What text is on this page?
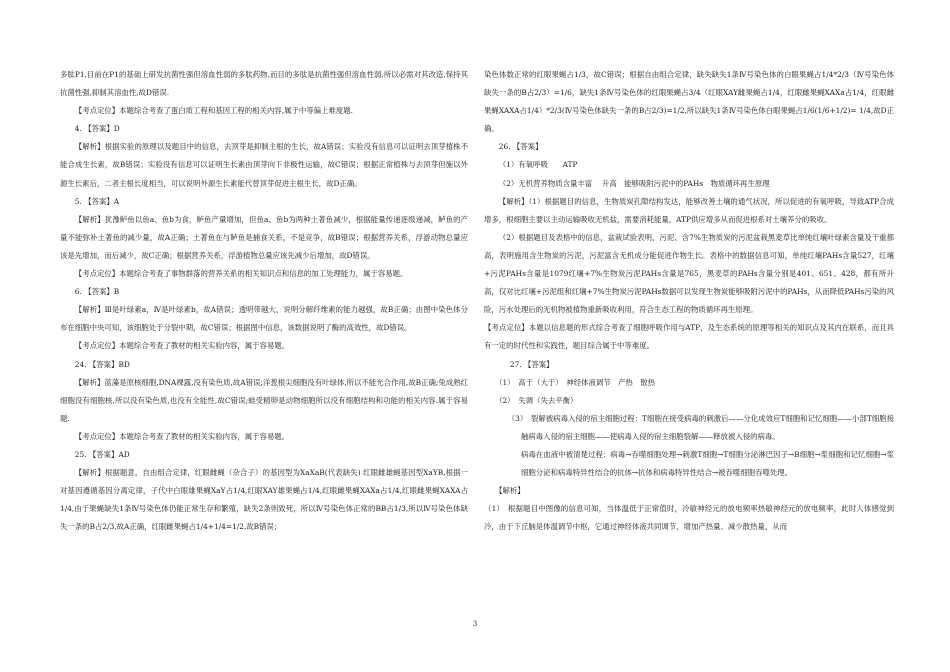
多肽P1,目前在P1的基础上研发抗菌性强但溶血性弱的多肽药物,而目的多肽是抗菌性强但溶血性弱,所以必需对其改造,保持其抗菌性强,抑制其溶血性,故D错误.

【考点定位】本题综合考查了蛋白质工程和基因工程的相关内容,属于中等偏上难度题.

4. 【答案】D

【解析】根据实验的原理以及题目中的信息，去顶芽是抑制主根的生长，故A错误；实验没有信息可以证明去顶芽植株不能合成生长素，故B错误；实验没有信息可以证明生长素由顶芽向下非极性运输，故C错误；根据正常植株与去顶芽但施以外源生长素后，二者主根长度相当，可以说明外源生长素能代替顶芽促进主根生长，故D正确。

5. 【答案】A

【解析】犹豫鲈鱼以鱼a、鱼b为食，鲈鱼产量增加，但鱼a、鱼b为两种土著鱼减少，根据能量传递逐级递减，鲈鱼的产量不能弥补土著鱼的减少量，故A正确；土著鱼在与鲈鱼是捕食关系，不是竞争，故B错误；根据营养关系，浮游动物总量应该是先增加，而后减少，故C正确；根据营养关系，浮游植物总量应该先减少后增加，故D错误。

【考点定位】本题综合考查了事物群落的营养关系的相关知识点和信息的加工处理能力，属于容易题。

6. 【答案】B

【解析】Ⅲ是叶绿素a，Ⅳ是叶绿素b，故A错误；透明带越大，说明分解纤维素的能力越强，故B正确；由图中染色体分布在细胞中央可知，该细胞处于分裂中期，故C错误；根据图中信息，该数据说明了酶的高效性，故D错误。

【考点定位】本题综合考查了教材的相关实验内容，属于容易题。

24. 【答案】BD

【解析】蓝藻是原核细胞,DNA裸露,没有染色质,故A错误;洋葱根尖细胞没有叶绿体,所以不能光合作用,故B正确;兔成熟红细胞没有细胞核,所以没有染色质,也没有全能性,故C错误;蛙受精卵是动物细胞所以没有细胞结构和功能的相关内容.属于容易题.

【考点定位】本题综合考查了教材的相关实验内容，属于容易题。

25. 【答案】AD

【解析】根据题意，自由组合定律，红眼雌蝇（杂合子）的基因型为XaXaB(代表缺失) 红眼雌雄蝇基因型XaYB,根据一对基因遵循基因分离定律，子代中白眼雄果蝇XaY占1/4,红眼XAY雄果蝇占1/4,红眼雌果蝇XAXa占1/4,红眼雌果蝇XAXA占1/4,由于果蝇缺失1条Ⅳ号染色体仍能正常生存和繁殖，缺失2条则致死，所以Ⅳ号染色体正常的BB占1/3,所以Ⅳ号染色体缺失一条的B占2/3,故A正确，红眼雌果蝇占1/4+1/4=1/2,故B错误；

染色体数正常的红眼果蝇占1/3，故C错误；根据自由组合定律，缺失缺失1条Ⅳ号染色体的白眼果蝇占1/4*2/3（Ⅳ号染色体缺失一条的B占2/3）=1/6，缺失1条Ⅳ号染色体的红眼果蝇占3/4（红眼XAY雌果蝇占1/4，红眼雌果蝇XAXa占1/4，红眼雌果蝇XAXA占1/4）*2/3(Ⅳ号染色体缺失一条的B占2/3)=1/2,所以缺失1条Ⅳ号染色体白眼果蝇占1/6(1/6+1/2)= 1/4,故D正确。

26. 【答案】

（1）有氧呼吸　　ATP

（2）无机营养物质含量丰富　 升高　能够吸附污泥中的PAHs　物质循环再生原理

【解析】（1）根据题目的信息，生物质炭孔隙结构发达，能够改善土壤的通气状况，所以促进的有氧呼吸，导致ATP合成增多，根细胞主要以主动运输吸收无机盐，需要消耗能量，ATP供应增多从而促进根系对土壤养分的吸收。

（2）根据题目及表格中的信息，盆栽试验表明，污泥、含7%生物质炭的污泥盆栽黑麦草比单纯红壤叶绿素含量及干重都高，表明施用含生物炭的污泥，污泥富含无机成分能促进作物生长。表格中的数据信息可知，单纯红壤PAHs含量527，红壤+污泥PAHs含量是1079红壤+7%生物炭污泥PAHs含量是765，黑麦草的PAHs含量分别是401、651、428，都有所升高，仅对比红壤+污泥组和红壤+7%生物炭污泥PAHs数据可以发现生物炭能够吸附污泥中的PAHs，从而降低PAHs污染的风险，污水处理后的无机物被植物重新吸收利用，符合生态工程的物质循环再生原理。

【考点定位】本题以信息题的形式综合考查了细胞呼吸作用与ATP，及生态系统的原理等相关的知识点及其内在联系，而且具有一定的时代性和实践性，题目综合属于中等难度。

27. 【答案】

（1）　高于（大于）　神经体液调节　产热　散热

（2）　失调（失去平衡）

（3）　裂解被病毒入侵的宿主细胞过程：T细胞在接受病毒的刺激后——分化成效应T细胞和记忆细胞——小部T细胞接触病毒入侵的宿主细胞——使病毒入侵的宿主细胞裂解——释放被入侵的病毒。

病毒在血液中被清楚过程：病毒→吞噬细胞处理→刺激T细胞→T细胞分泌淋巴因子→B细胞→浆细胞和记忆细胞→浆细胞分泌和病毒特异性结合的抗体→抗体和病毒特异性结合→被吞噬细胞吞噬处理。

【解析】

（1）　根据题目中图像的信息可知，当体温低于正常值时，冷敏神经元的放电频率热敏神经元的放电频率，此时人体感觉到冷，由于下丘脑是体温调节中枢，它通过神经体液共同调节，增加产热量、减少散热量，从而

3
